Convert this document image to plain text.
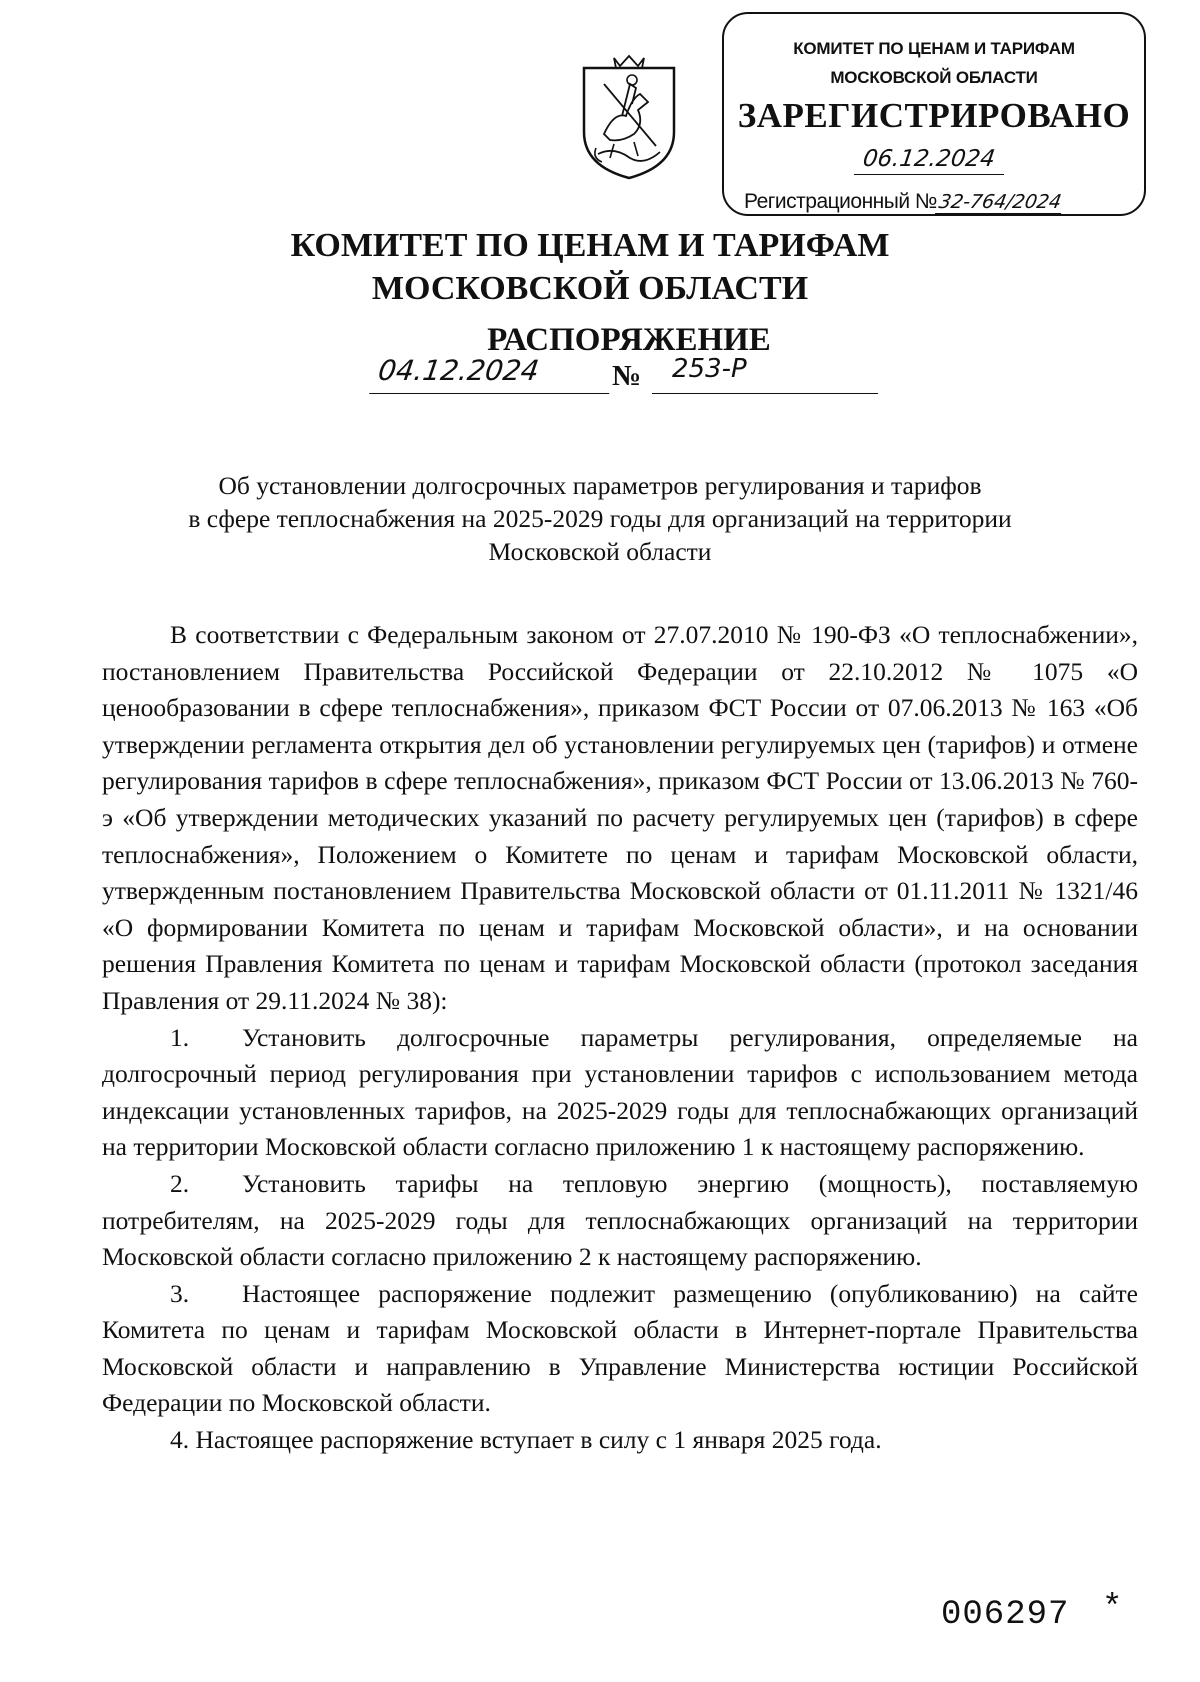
КОМИТЕТ ПО ЦЕНАМ И ТАРИФАМ
МОСКОВСКОЙ ОБЛАСТИ
ЗАРЕГИСТРИРОВАНО
06.12.2024
Регистрационный №32-764/2024
КОМИТЕТ ПО ЦЕНАМ И ТАРИФАМ
МОСКОВСКОЙ ОБЛАСТИ
РАСПОРЯЖЕНИЕ
04.12.2024	№	253-Р
Об установлении долгосрочных параметров регулирования и тарифов
в сфере теплоснабжения на 2025-2029 годы для организаций на территории
Московской области

В соответствии с Федеральным законом от 27.07.2010 № 190-ФЗ «О теплоснабжении», постановлением Правительства Российской Федерации от 22.10.2012 № 1075 «О ценообразовании в сфере теплоснабжения», приказом ФСТ России от 07.06.2013 № 163 «Об утверждении регламента открытия дел об установлении регулируемых цен (тарифов) и отмене регулирования тарифов в сфере теплоснабжения», приказом ФСТ России от 13.06.2013 № 760-э «Об утверждении методических указаний по расчету регулируемых цен (тарифов) в сфере теплоснабжения», Положением о Комитете по ценам и тарифам Московской области, утвержденным постановлением Правительства Московской области от 01.11.2011 № 1321/46 «О формировании Комитета по ценам и тарифам Московской области», и на основании решения Правления Комитета по ценам и тарифам Московской области (протокол заседания Правления от 29.11.2024 № 38):

1. Установить долгосрочные параметры регулирования, определяемые на долгосрочный период регулирования при установлении тарифов с использованием метода индексации установленных тарифов, на 2025-2029 годы для теплоснабжающих организаций на территории Московской области согласно приложению 1 к настоящему распоряжению.

2. Установить тарифы на тепловую энергию (мощность), поставляемую потребителям, на 2025-2029 годы для теплоснабжающих организаций на территории Московской области согласно приложению 2 к настоящему распоряжению.

3. Настоящее распоряжение подлежит размещению (опубликованию) на сайте Комитета по ценам и тарифам Московской области в Интернет-портале Правительства Московской области и направлению в Управление Министерства юстиции Российской Федерации по Московской области.

4. Настоящее распоряжение вступает в силу с 1 января 2025 года.

006297 *
